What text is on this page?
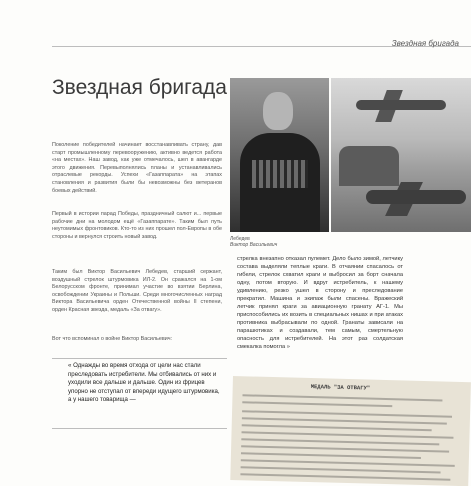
Звездная бригада
Звездная бригада

Поколение победителей начинает восстанавливать страну, дав старт промышленному перевооружению, активно ведется работа «на местах». Наш завод, как уже отмечалось, шел в авангарде этого движения. Перевыполнялись планы и устанавливались отраслевые рекорды. Успехи «Газаппарата» на этапах становления и развития были бы невозможны без ветеранов боевых действий.

Первый в истории парад Победы, праздничный салют и... первые рабочие дни на молодом ещё «Газаппарате». Таким был путь неутомимых фронтовиков. Кто-то из них прошел пол-Европы в обе стороны и вернулся строить новый завод.

Таким был Виктор Васильевич Лебедев, старший сержант, воздушный стрелок штурмовика ИЛ-2. Он сражался на 1-ом Белорусском фронте, принимал участие во взятии Берлина, освобождении Украины и Польши. Среди многочисленных наград Виктора Васильевича орден Отечественной войны II степени, орден Красная звезда, медаль «За отвагу».

Вот что вспоминал о войне Виктор Васильевич:

Лебедев
Виктор Васильевич
стрелка внезапно отказал пулемет. Дело было зимой, летчику состава выделяли теплые краги. В отчаянии спасалось от гибели, стрелок схватил краги и выбросил за борт сначала одну, потом вторую. И вдруг истребитель, к нашему удивлению, резко ушел в сторону и преследование прекратил. Машина и экипаж были спасены. Вражеский летчик принял краги за авиационную гранату АГ-1. Мы приспособились их возить в специальных нишах и при атаках противника выбрасывали по одной. Гранаты зависали на парашютиках и создавали, тем самым, смертельную опасность для истребителей. На этот раз солдатская смекалка помогла »

« Однажды во время отхода от цели нас стали преследовать истребители. Мы отбивались от них и уходили все дальше и дальше. Один из фрицев упорно не отступал от впереди идущего штурмовика, а у нашего товарища —

МЕДАЛЬ "ЗА ОТВАГУ"
